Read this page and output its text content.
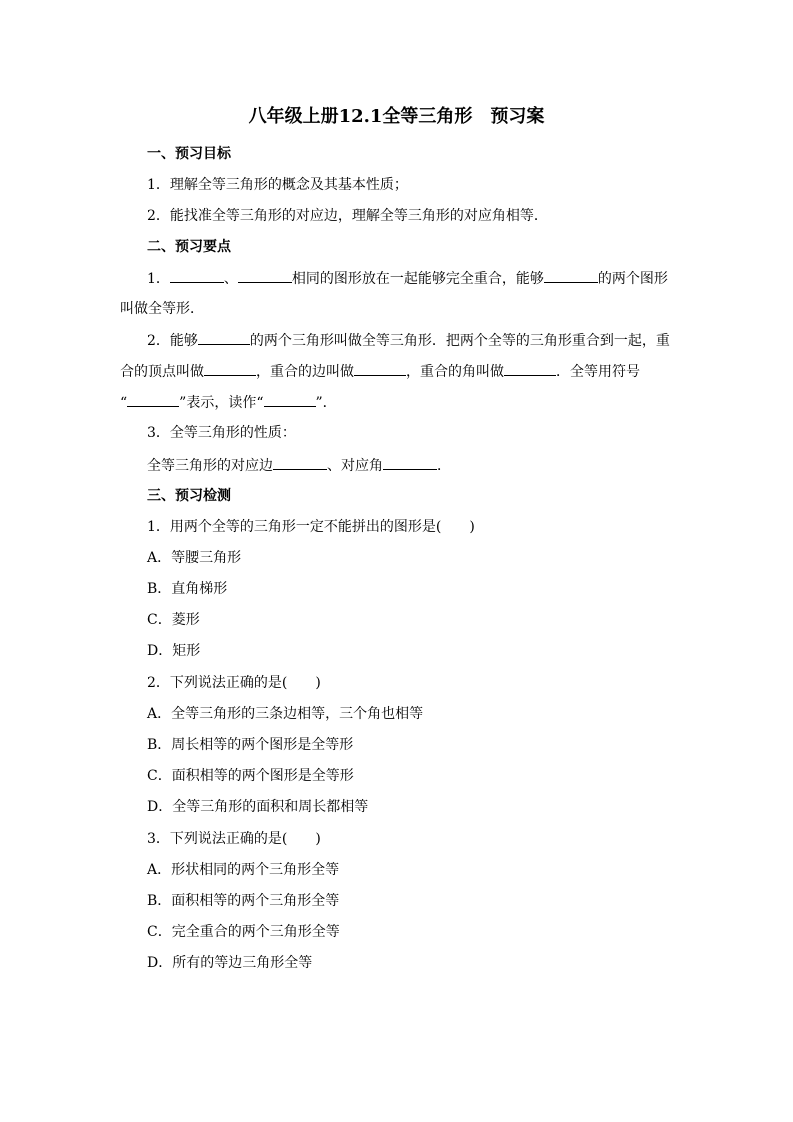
八年级上册12.1全等三角形　预习案
一、预习目标
1．理解全等三角形的概念及其基本性质；
2．能找准全等三角形的对应边，理解全等三角形的对应角相等．
二、预习要点
1．	、	相同的图形放在一起能够完全重合，能够	的两个图形
叫做全等形．
2．能够	的两个三角形叫做全等三角形．把两个全等的三角形重合到一起，重
合的顶点叫做	，重合的边叫做	，重合的角叫做	．全等用符号
“	”表示，读作“	”．
3．全等三角形的性质：
全等三角形的对应边	、对应角	．
三、预习检测
1．用两个全等的三角形一定不能拼出的图形是(　　)
A．等腰三角形
B．直角梯形
C．菱形
D．矩形
2．下列说法正确的是(　　)
A．全等三角形的三条边相等，三个角也相等
B．周长相等的两个图形是全等形
C．面积相等的两个图形是全等形
D．全等三角形的面积和周长都相等
3．下列说法正确的是(　　)
A．形状相同的两个三角形全等
B．面积相等的两个三角形全等
C．完全重合的两个三角形全等
D．所有的等边三角形全等
